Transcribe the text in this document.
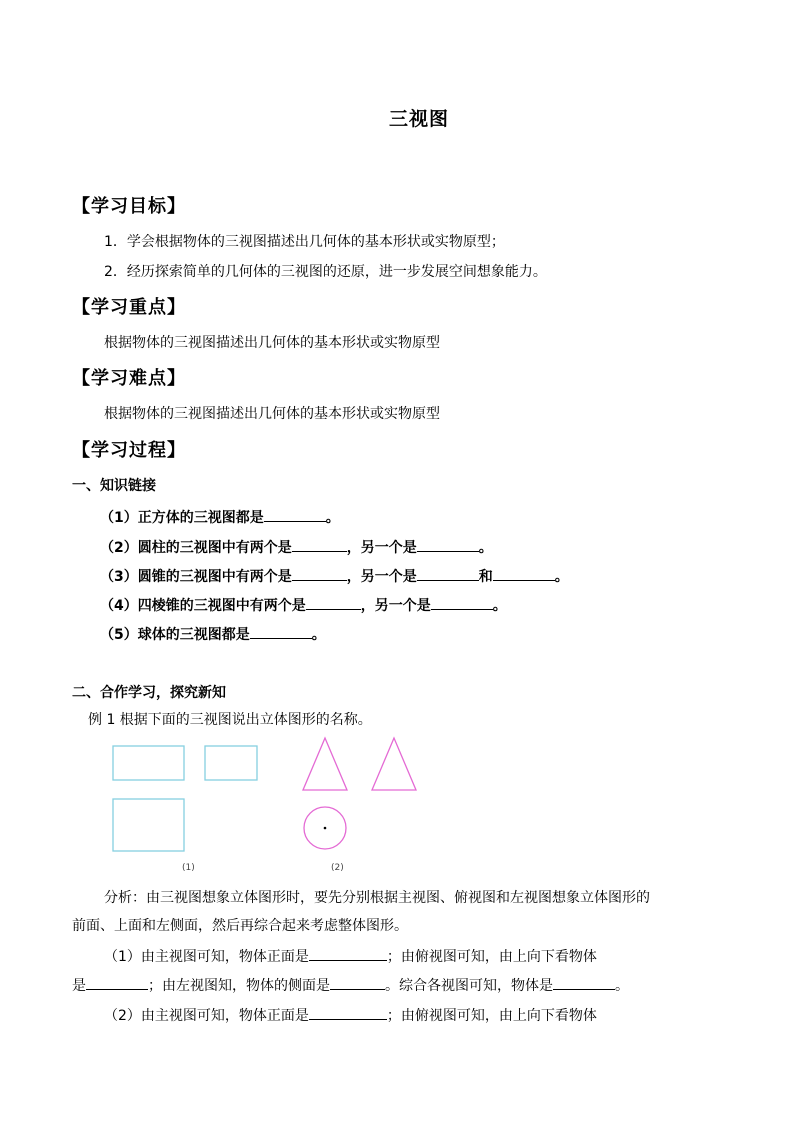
三视图
【学习目标】
1．学会根据物体的三视图描述出几何体的基本形状或实物原型；
2．经历探索简单的几何体的三视图的还原，进一步发展空间想象能力。
【学习重点】
根据物体的三视图描述出几何体的基本形状或实物原型
【学习难点】
根据物体的三视图描述出几何体的基本形状或实物原型
【学习过程】
一、知识链接
（1）正方体的三视图都是	。
（2）圆柱的三视图中有两个是	，另一个是	。
（3）圆锥的三视图中有两个是	，另一个是	和	。
（4）四棱锥的三视图中有两个是	，另一个是	。
（5）球体的三视图都是	。
二、合作学习，探究新知
例 1 根据下面的三视图说出立体图形的名称。
(1)	(2)
分析：由三视图想象立体图形时，要先分别根据主视图、俯视图和左视图想象立体图形的
前面、上面和左侧面，然后再综合起来考虑整体图形。
（1）由主视图可知，物体正面是	；由俯视图可知，由上向下看物体
是	；由左视图知，物体的侧面是	。综合各视图可知，物体是	。
（2）由主视图可知，物体正面是	；由俯视图可知，由上向下看物体
